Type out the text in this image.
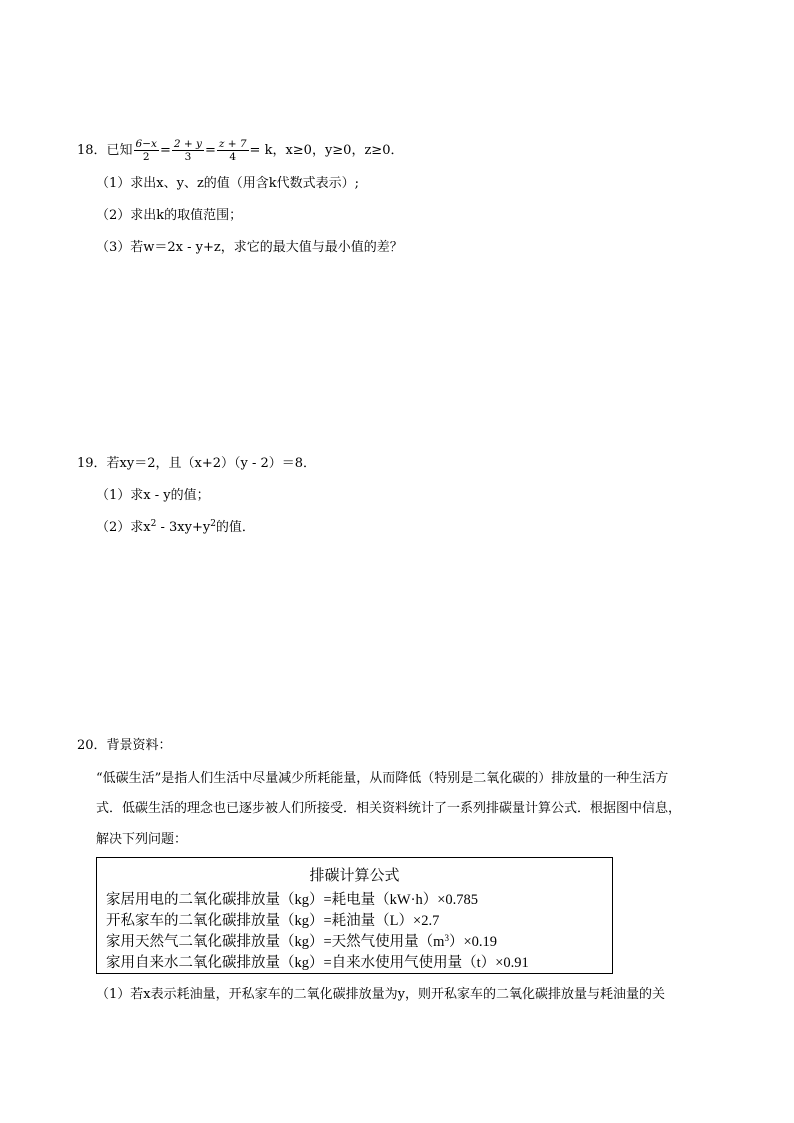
18．已知 $\frac{6-x}{2} = \frac{2 + y}{3} = \frac{z + 7}{4} = k$，x≥0，y≥0，z≥0．
（1）求出x、y、z的值（用含k代数式表示）;
（2）求出k的取值范围；
（3）若w＝2x - y+z，求它的最大值与最小值的差？
19．若xy＝2，且（x+2）（y - 2）＝8．
（1）求x - y的值；
（2）求$x^2 - 3xy+y^2$的值．
20．背景资料：
“低碳生活”是指人们生活中尽量减少所耗能量，从而降低（特别是二氧化碳的）排放量的一种生活方
式．低碳生活的理念也已逐步被人们所接受．相关资料统计了一系列排碳量计算公式．根据图中信息，
解决下列问题：
排碳计算公式
家居用电的二氧化碳排放量（kg）=耗电量（kW·h）×0.785
开私家车的二氧化碳排放量（kg）=耗油量（L）×2.7
家用天然气二氧化碳排放量（kg）=天然气使用量$(m^3)\times 0.19$
家用自来水二氧化碳排放量（kg）=自来水使用气使用量（t）×0.91
（1）若x表示耗油量，开私家车的二氧化碳排放量为y，则开私家车的二氧化碳排放量与耗油量的关
